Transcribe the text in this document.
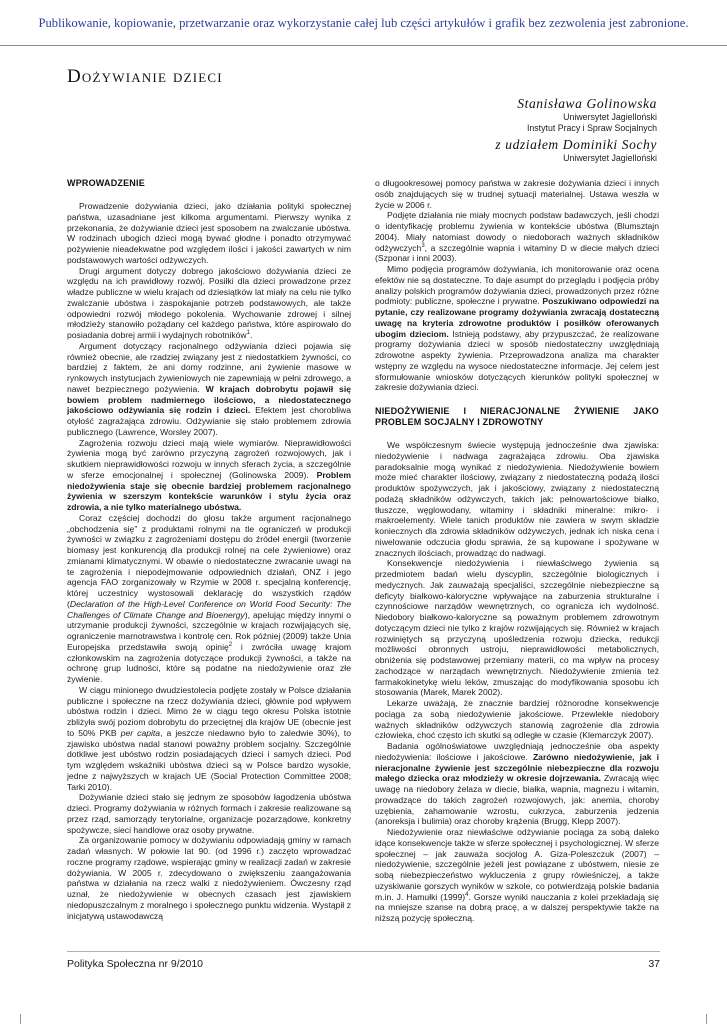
Publikowanie, kopiowanie, przetwarzanie oraz wykorzystanie całej lub części artykułów i grafik bez zezwolenia jest zabronione.
Dożywianie dzieci
Stanisława Golinowska
Uniwersytet Jagielloński
Instytut Pracy i Spraw Socjalnych
z udziałem Dominiki Sochy
Uniwersytet Jagielloński
WPROWADZENIE

Prowadzenie dożywiania dzieci, jako działania polityki społecznej państwa, uzasadniane jest kilkoma argumentami. Pierwszy wynika z przekonania, że dożywianie dzieci jest sposobem na zwalczanie ubóstwa. W rodzinach ubogich dzieci mogą bywać głodne i ponadto otrzymywać pożywienie nieadekwatne pod względem ilości i jakości zawartych w nim podstawowych wartości odżywczych.

Drugi argument dotyczy dobrego jakościowo dożywiania dzieci ze względu na ich prawidłowy rozwój. Posiłki dla dzieci prowadzone przez władze publiczne w wielu krajach od dziesiątków lat miały na celu nie tylko zwalczanie ubóstwa i zaspokajanie potrzeb podstawowych, ale także odpowiedni rozwój młodego pokolenia. Wychowanie zdrowej i silnej młodzieży stanowiło pożądany cel każdego państwa, które aspirowało do posiadania dobrej armii i wydajnych robotników$^1$.

Argument dotyczący racjonalnego odżywiania dzieci pojawia się również obecnie, ale rzadziej związany jest z niedostatkiem żywności, co bardziej z faktem, że ani domy rodzinne, ani żywienie masowe w rynkowych instytucjach żywieniowych nie zapewniają w pełni zdrowego, a nawet bezpiecznego pożywienia. W krajach dobrobytu pojawił się bowiem problem nadmiernego ilościowo, a niedostatecznego jakościowo odżywiania się rodzin i dzieci. Efektem jest chorobliwa otyłość zagrażająca zdrowiu. Odżywianie się stało problemem zdrowia publicznego (Lawrence, Worsley 2007).

Zagrożenia rozwoju dzieci mają wiele wymiarów. Nieprawidłowości żywienia mogą być zarówno przyczyną zagrożeń rozwojowych, jak i skutkiem nieprawidłowości rozwoju w innych sferach życia, a szczególnie w sferze emocjonalnej i społecznej (Golinowska 2009). Problem niedożywienia staje się obecnie bardziej problemem racjonalnego żywienia w szerszym kontekście warunków i stylu życia oraz zdrowia, a nie tylko materialnego ubóstwa.

Coraz częściej dochodzi do głosu także argument racjonalnego „obchodzenia się” z produktami rolnymi na tle ograniczeń w produkcji żywności w związku z zagrożeniami dostępu do źródeł energii (tworzenie biomasy jest konkurencją dla produkcji rolnej na cele żywieniowe) oraz zmianami klimatycznymi. W obawie o niedostateczne zwracanie uwagi na te zagrożenia i niepodejmowanie odpowiednich działań, ONZ i jego agencja FAO zorganizowały w Rzymie w 2008 r. specjalną konferencję, której uczestnicy wystosowali deklarację do wszystkich rządów (Declaration of the High-Level Conference on World Food Security: The Challenges of Climate Change and Bioenergy), apelując między innymi o utrzymanie produkcji żywności, szczególnie w krajach rozwijających się, ograniczenie marnotrawstwa i kontrolę cen. Rok później (2009) także Unia Europejska przedstawiła swoją opinię$^2$ i zwróciła uwagę krajom członkowskim na zagrożenia dotyczące produkcji żywności, a także na ochronę grup ludności, które są podatne na niedożywienie oraz złe żywienie.

W ciągu minionego dwudziestolecia podjęte zostały w Polsce działania publiczne i społeczne na rzecz dożywiania dzieci, głównie pod wpływem ubóstwa rodzin i dzieci. Mimo że w ciągu tego okresu Polska istotnie zbliżyła swój poziom dobrobytu do przeciętnej dla krajów UE (obecnie jest to 50% PKB per capita, a jeszcze niedawno było to zaledwie 30%), to zjawisko ubóstwa nadal stanowi poważny problem socjalny. Szczególnie dotkliwe jest ubóstwo rodzin posiadających dzieci i samych dzieci. Pod tym względem wskaźniki ubóstwa dzieci są w Polsce bardzo wysokie, jedne z najwyższych w krajach UE (Social Protection Committee 2008; Tarki 2010).

Dożywianie dzieci stało się jednym ze sposobów łagodzenia ubóstwa dzieci. Programy dożywiania w różnych formach i zakresie realizowane są przez rząd, samorządy terytorialne, organizacje pozarządowe, konkretny spożywcze, sieci handlowe oraz osoby prywatne.

Za organizowanie pomocy w dożywianiu odpowiadają gminy w ramach zadań własnych. W połowie lat 90. (od 1996 r.) zaczęto wprowadzać roczne programy rządowe, wspierając gminy w realizacji zadań w zakresie dożywiania. W 2005 r. zdecydowano o zwiększeniu zaangażowania państwa w działania na rzecz walki z niedożywieniem. Ówczesny rząd uznał, że niedożywienie w obecnych czasach jest zjawiskiem niedopuszczalnym z moralnego i społecznego punktu widzenia. Wystąpił z inicjatywą ustawodawczą

o długookresowej pomocy państwa w zakresie dożywiania dzieci i innych osób znajdujących się w trudnej sytuacji materialnej. Ustawa weszła w życie w 2006 r.

Podjęte działania nie miały mocnych podstaw badawczych, jeśli chodzi o identyfikację problemu żywienia w kontekście ubóstwa (Blumsztajn 2004). Miały natomiast dowody o niedoborach ważnych składników odżywczych$^3$, a szczególnie wapnia i witaminy D w diecie małych dzieci (Szponar i inni 2003).

Mimo podjęcia programów dożywiania, ich monitorowanie oraz ocena efektów nie są dostateczne. To daje asumpt do przeglądu i podjęcia próby analizy polskich programów dożywiania dzieci, prowadzonych przez różne podmioty: publiczne, społeczne i prywatne. Poszukiwano odpowiedzi na pytanie, czy realizowane programy dożywiania zwracają dostateczną uwagę na kryteria zdrowotne produktów i posiłków oferowanych ubogim dzieciom. Istnieją podstawy, aby przypuszczać, że realizowane programy dożywiania dzieci w sposób niedostateczny uwzględniają zdrowotne aspekty żywienia. Przeprowadzona analiza ma charakter wstępny ze względu na wysoce niedostateczne informacje. Jej celem jest sformułowanie wniosków dotyczących kierunków polityki społecznej w zakresie dożywiania dzieci.

NIEDOŻYWIENIE I NIERACJONALNE ŻYWIENIE JAKO PROBLEM SOCJALNY I ZDROWOTNY

We współczesnym świecie występują jednocześnie dwa zjawiska: niedożywienie i nadwaga zagrażająca zdrowiu. Oba zjawiska paradoksalnie mogą wynikać z niedożywienia. Niedożywienie bowiem może mieć charakter ilościowy, związany z niedostateczną podażą ilości produktów spożywczych, jak i jakościowy, związany z niedostateczną podażą składników odżywczych, takich jak: pełnowartościowe białko, tłuszcze, węglowodany, witaminy i składniki mineralne: mikro- i makroelementy. Wiele tanich produktów nie zawiera w swym składzie koniecznych dla zdrowia składników odżywczych, jednak ich niska cena i niwelowanie odczucia głodu sprawia, że są kupowane i spożywane w znacznych ilościach, prowadząc do nadwagi.

Konsekwencje niedożywienia i niewłaściwego żywienia są przedmiotem badań wielu dyscyplin, szczególnie biologicznych i medycznych. Jak zauważają specjaliści, szczególnie niebezpieczne są deficyty białkowo-kaloryczne wpływające na zaburzenia strukturalne i czynnościowe narządów wewnętrznych, co ogranicza ich wydolność. Niedobory białkowo-kaloryczne są poważnym problemem zdrowotnym dotyczącym dzieci nie tylko z krajów rozwijających się. Również w krajach rozwiniętych są przyczyną upośledzenia rozwoju dziecka, redukcji możliwości obronnych ustroju, nieprawidłowości metabolicznych, obniżenia się podstawowej przemiany materii, co ma wpływ na procesy zachodzące w narządach wewnętrznych. Niedożywienie zmienia też farmakokinetykę wielu leków, zmuszając do modyfikowania sposobu ich stosowania (Marek, Marek 2002).

Lekarze uważają, że znacznie bardziej różnorodne konsekwencje pociąga za sobą niedożywienie jakościowe. Przewlekłe niedobory ważnych składników odżywczych stanowią zagrożenie dla zdrowia człowieka, choć często ich skutki są odległe w czasie (Klemarczyk 2007).

Badania ogólnoświatowe uwzględniają jednocześnie oba aspekty niedożywienia: ilościowe i jakościowe. Zarówno niedożywienie, jak i nieracjonalne żywienie jest szczególnie niebezpieczne dla rozwoju małego dziecka oraz młodzieży w okresie dojrzewania. Zwracają więc uwagę na niedobory żelaza w diecie, białka, wapnia, magnezu i witamin, prowadzące do takich zagrożeń rozwojowych, jak: anemia, choroby uzębienia, zahamowanie wzrostu, cukrzyca, zaburzenia jedzenia (anoreksja i bulimia) oraz choroby krążenia (Brugg, Klepp 2007).

Niedożywienie oraz niewłaściwe odżywianie pociąga za sobą daleko idące konsekwencje także w sferze społecznej i psychologicznej. W sferze społecznej – jak zauważa socjolog A. Giza-Poleszczuk (2007) – niedożywienie, szczególnie jeżeli jest powiązane z ubóstwem, niesie ze sobą niebezpieczeństwo wykluczenia z grupy rówieśniczej, a także uzyskiwanie gorszych wyników w szkole, co potwierdzają polskie badania m.in. J. Hamułki $(1999)^4$. Gorsze wyniki nauczania z kolei przekładają się na mniejsze szanse na dobrą pracę, a w dalszej perspektywie także na niższą pozycję społeczną.

Polityka Społeczna nr 9/2010	37
